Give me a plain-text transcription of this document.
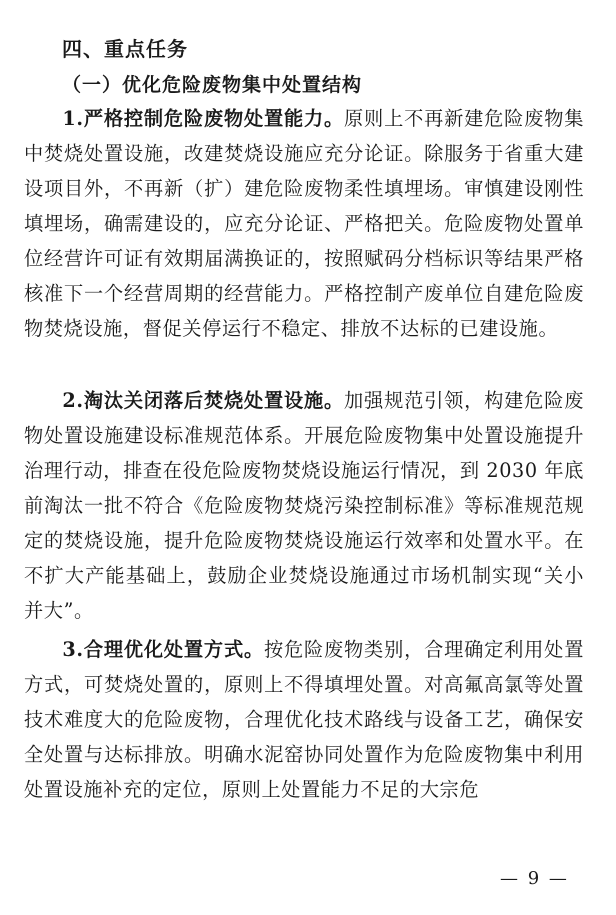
四、重点任务
（一）优化危险废物集中处置结构

1.严格控制危险废物处置能力。原则上不再新建危险废物集中焚烧处置设施，改建焚烧设施应充分论证。除服务于省重大建设项目外，不再新（扩）建危险废物柔性填埋场。审慎建设刚性填埋场，确需建设的，应充分论证、严格把关。危险废物处置单位经营许可证有效期届满换证的，按照赋码分档标识等结果严格核准下一个经营周期的经营能力。严格控制产废单位自建危险废物焚烧设施，督促关停运行不稳定、排放不达标的已建设施。

2.淘汰关闭落后焚烧处置设施。加强规范引领，构建危险废物处置设施建设标准规范体系。开展危险废物集中处置设施提升治理行动，排查在役危险废物焚烧设施运行情况，到 2030 年底前淘汰一批不符合《危险废物焚烧污染控制标准》等标准规范规定的焚烧设施，提升危险废物焚烧设施运行效率和处置水平。在不扩大产能基础上，鼓励企业焚烧设施通过市场机制实现“关小并大”。

3.合理优化处置方式。按危险废物类别，合理确定利用处置方式，可焚烧处置的，原则上不得填埋处置。对高氟高氯等处置技术难度大的危险废物，合理优化技术路线与设备工艺，确保安全处置与达标排放。明确水泥窑协同处置作为危险废物集中利用处置设施补充的定位，原则上处置能力不足的大宗危

— 9 —
